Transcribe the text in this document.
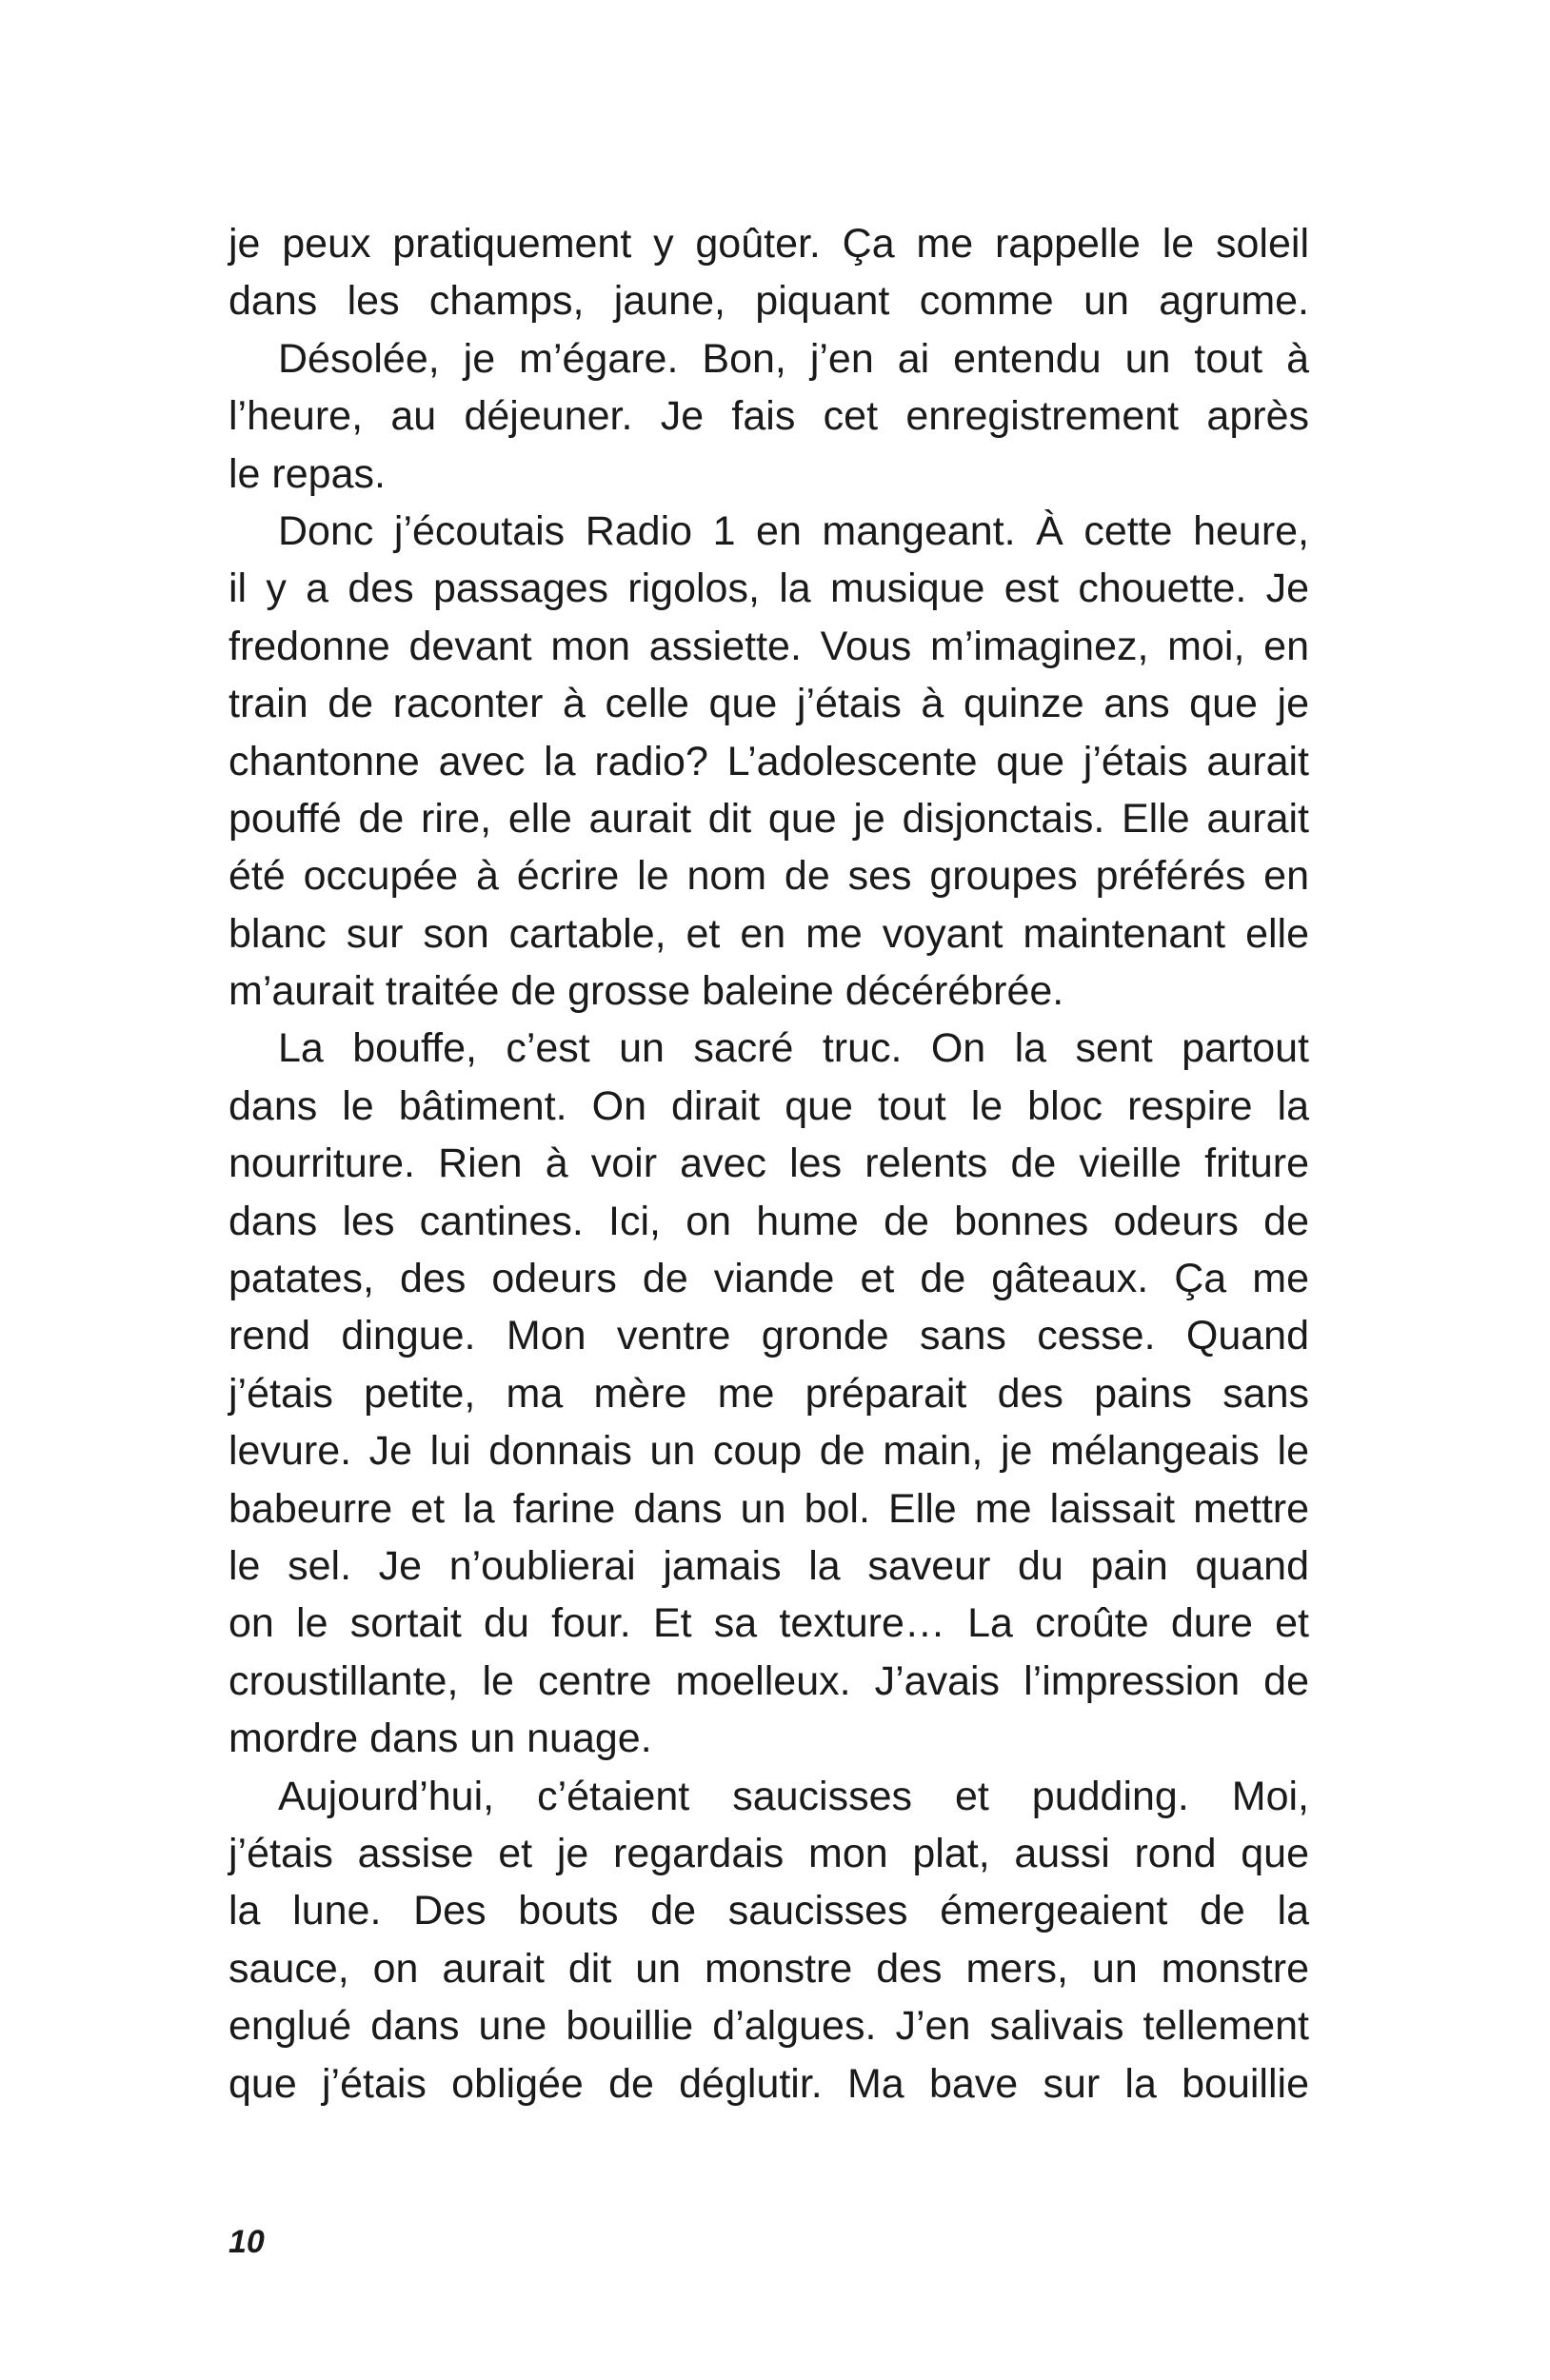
je peux pratiquement y goûter. Ça me rappelle le soleil
dans les champs, jaune, piquant comme un agrume.
Désolée, je m’égare. Bon, j’en ai entendu un tout à
l’heure, au déjeuner. Je fais cet enregistrement après
le repas.
Donc j’écoutais Radio 1 en mangeant. À cette heure,
il y a des passages rigolos, la musique est chouette. Je
fredonne devant mon assiette. Vous m’imaginez, moi, en
train de raconter à celle que j’étais à quinze ans que je
chantonne avec la radio? L’adolescente que j’étais aurait
pouffé de rire, elle aurait dit que je disjonctais. Elle aurait
été occupée à écrire le nom de ses groupes préférés en
blanc sur son cartable, et en me voyant maintenant elle
m’aurait traitée de grosse baleine décérébrée.
La bouffe, c’est un sacré truc. On la sent partout
dans le bâtiment. On dirait que tout le bloc respire la
nourriture. Rien à voir avec les relents de vieille friture
dans les cantines. Ici, on hume de bonnes odeurs de
patates, des odeurs de viande et de gâteaux. Ça me
rend dingue. Mon ventre gronde sans cesse. Quand
j’étais petite, ma mère me préparait des pains sans
levure. Je lui donnais un coup de main, je mélangeais le
babeurre et la farine dans un bol. Elle me laissait mettre
le sel. Je n’oublierai jamais la saveur du pain quand
on le sortait du four. Et sa texture… La croûte dure et
croustillante, le centre moelleux. J’avais l’impression de
mordre dans un nuage.
Aujourd’hui, c’étaient saucisses et pudding. Moi,
j’étais assise et je regardais mon plat, aussi rond que
la lune. Des bouts de saucisses émergeaient de la
sauce, on aurait dit un monstre des mers, un monstre
englué dans une bouillie d’algues. J’en salivais tellement
que j’étais obligée de déglutir. Ma bave sur la bouillie
10
